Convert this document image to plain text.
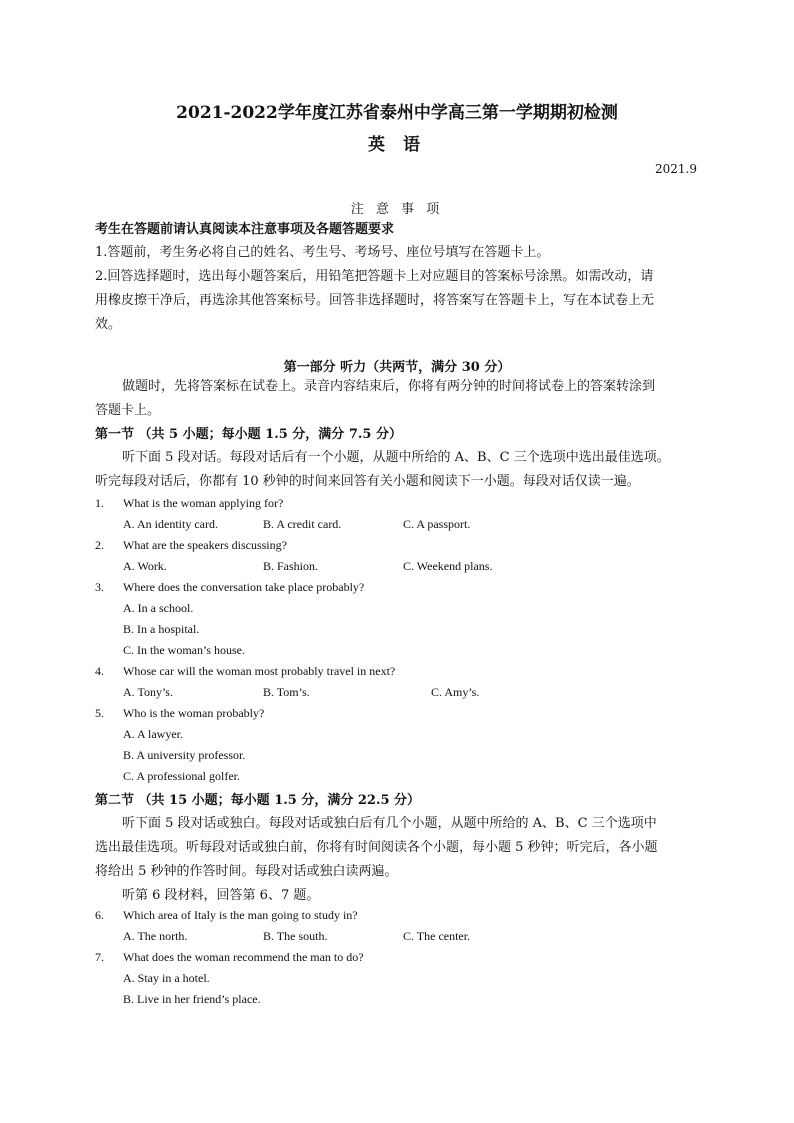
2021-2022学年度江苏省泰州中学高三第一学期期初检测
英 语
2021.9
注 意 事 项
考生在答题前请认真阅读本注意事项及各题答题要求
1.答题前，考生务必将自己的姓名、考生号、考场号、座位号填写在答题卡上。
2.回答选择题时，选出每小题答案后，用铅笔把答题卡上对应题目的答案标号涂黑。如需改动，请
用橡皮擦干净后，再选涂其他答案标号。回答非选择题时，将答案写在答题卡上，写在本试卷上无
效。
第一部分 听力（共两节，满分 30 分）
做题时，先将答案标在试卷上。录音内容结束后，你将有两分钟的时间将试卷上的答案转涂到
答题卡上。
第一节 （共 5 小题；每小题 1.5 分，满分 7.5 分）
听下面 5 段对话。每段对话后有一个小题，从题中所给的 A、B、C 三个选项中选出最佳选项。
听完每段对话后，你都有 10 秒钟的时间来回答有关小题和阅读下一小题。每段对话仅读一遍。
1. What is the woman applying for?
A. An identity card.	B. A credit card.	C. A passport.
2. What are the speakers discussing?
A. Work.	B. Fashion.	C. Weekend plans.
3. Where does the conversation take place probably?
A. In a school.
B. In a hospital.
C. In the woman’s house.
4. Whose car will the woman most probably travel in next?
A. Tony’s.	B. Tom’s.	C. Amy’s.
5. Who is the woman probably?
A. A lawyer.
B. A university professor.
C. A professional golfer.
第二节 （共 15 小题；每小题 1.5 分，满分 22.5 分）
听下面 5 段对话或独白。每段对话或独白后有几个小题，从题中所给的 A、B、C 三个选项中
选出最佳选项。听每段对话或独白前，你将有时间阅读各个小题，每小题 5 秒钟；听完后，各小题
将给出 5 秒钟的作答时间。每段对话或独白读两遍。
听第 6 段材料，回答第 6、7 题。
6. Which area of Italy is the man going to study in?
A. The north.	B. The south.	C. The center.
7. What does the woman recommend the man to do?
A. Stay in a hotel.
B. Live in her friend’s place.
